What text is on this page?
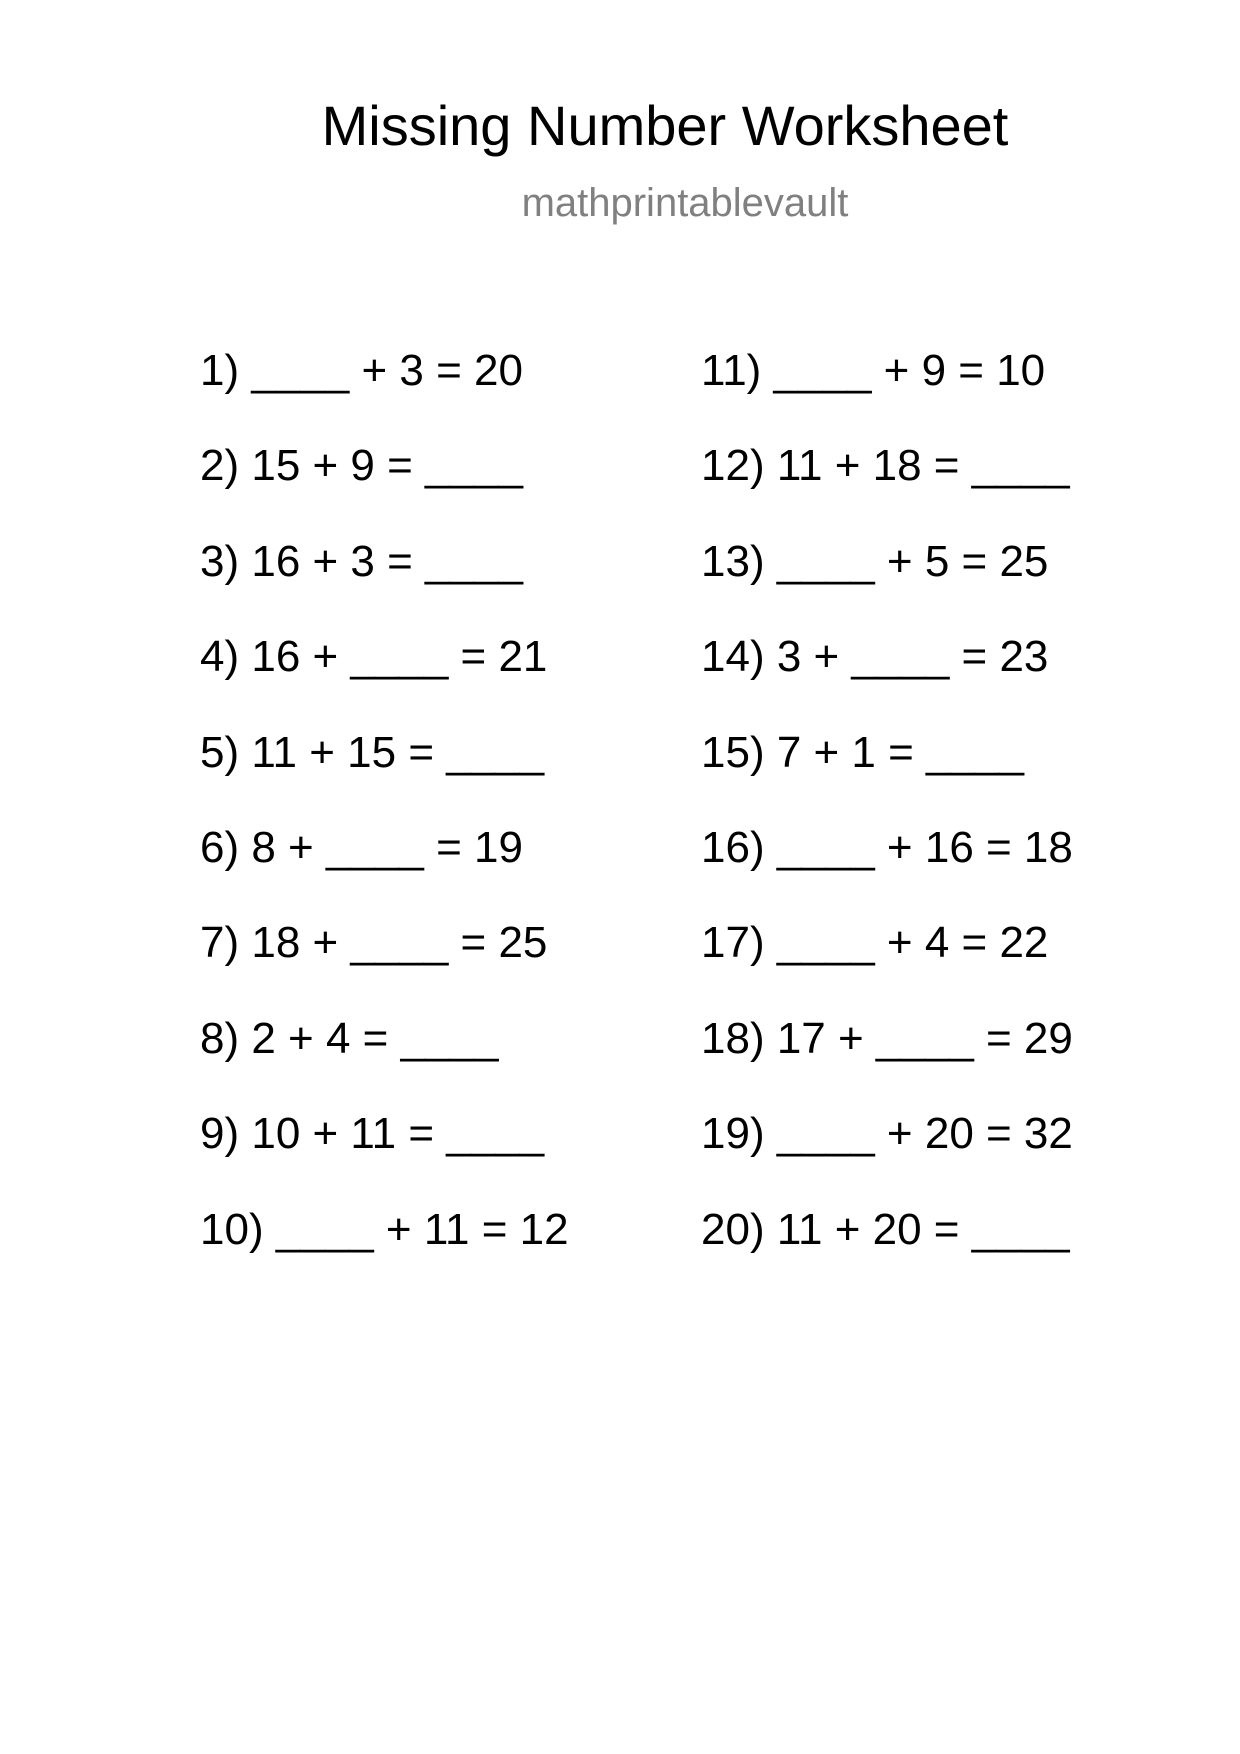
Missing Number Worksheet
mathprintablevault
1) ____ + 3 = 20
2) 15 + 9 = ____
3) 16 + 3 = ____
4) 16 + ____ = 21
5) 11 + 15 = ____
6) 8 + ____ = 19
7) 18 + ____ = 25
8) 2 + 4 = ____
9) 10 + 11 = ____
10) ____ + 11 = 12
11) ____ + 9 = 10
12) 11 + 18 = ____
13) ____ + 5 = 25
14) 3 + ____ = 23
15) 7 + 1 = ____
16) ____ + 16 = 18
17) ____ + 4 = 22
18) 17 + ____ = 29
19) ____ + 20 = 32
20) 11 + 20 = ____
